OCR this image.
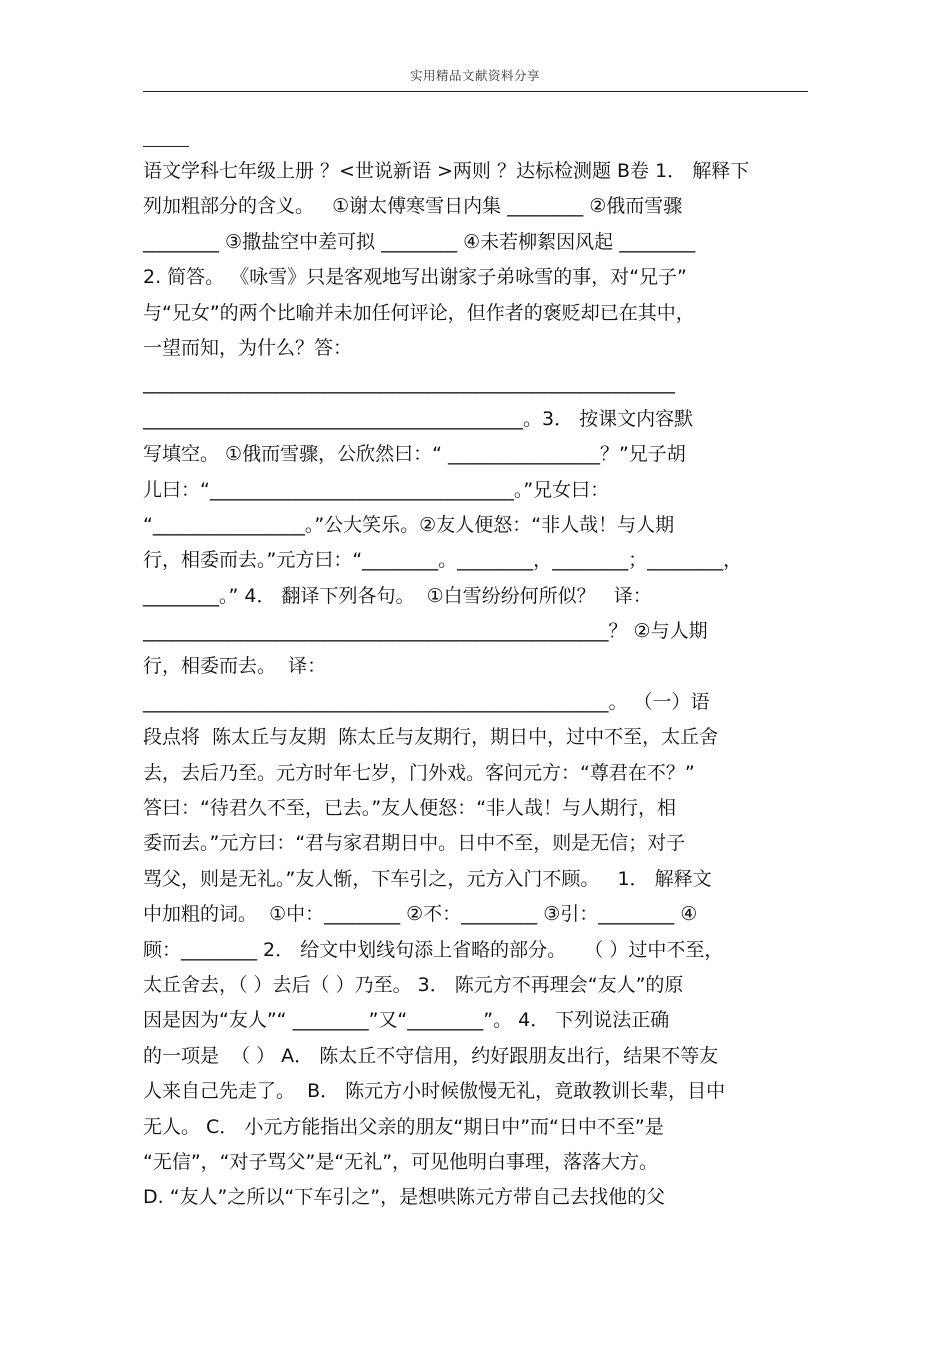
实用精品文献资料分享
语文学科七年级上册 ？<世说新语 >两则 ？达标检测题 B卷 1． 解释下
列加粗部分的含义。   ①谢太傅寒雪日内集 ________ ②俄而雪骤
________ ③撒盐空中差可拟 ________ ④未若柳絮因风起 ________
2. 简答。 《咏雪》只是客观地写出谢家子弟咏雪的事，对“兄子”
与“兄女”的两个比喻并未加任何评论，但作者的褒贬却已在其中，
一望而知，为什么？答：
________________________________________________________
________________________________________。3． 按课文内容默
写填空。 ①俄而雪骤，公欣然曰：“ ________________？”兄子胡
儿曰：“________________________________。”兄女曰：
“________________。”公大笑乐。②友人便怒：“非人哉！与人期
行，相委而去。”元方曰：“________。________，________；________，
________。” 4． 翻译下列各句。  ①白雪纷纷何所似？   译：
_________________________________________________？ ②与人期
行，相委而去。  译：
_________________________________________________。 （一）语
段点将  陈太丘与友期  陈太丘与友期行，期日中，过中不至，太丘舍
去，去后乃至。元方时年七岁，门外戏。客问元方：“尊君在不？”
答曰：“待君久不至，已去。”友人便怒：“非人哉！与人期行，相
委而去。”元方曰：“君与家君期日中。日中不至，则是无信；对子
骂父，则是无礼。”友人惭，下车引之，元方入门不顾。   1． 解释文
中加粗的词。  ①中：________ ②不：________ ③引：________ ④
顾：________ 2． 给文中划线句添上省略的部分。   （ ）过中不至，
太丘舍去，（ ）去后（ ）乃至。 3． 陈元方不再理会“友人”的原
因是因为“友人”“ ________”又“________”。 4． 下列说法正确
的一项是  （ ） A． 陈太丘不守信用，约好跟朋友出行，结果不等友
人来自己先走了。  B． 陈元方小时候傲慢无礼，竟敢教训长辈，目中
无人。 C． 小元方能指出父亲的朋友“期日中”而“日中不至”是
“无信”，“对子骂父”是“无礼”，可见他明白事理，落落大方。
D. “友人”之所以“下车引之”，是想哄陈元方带自己去找他的父
